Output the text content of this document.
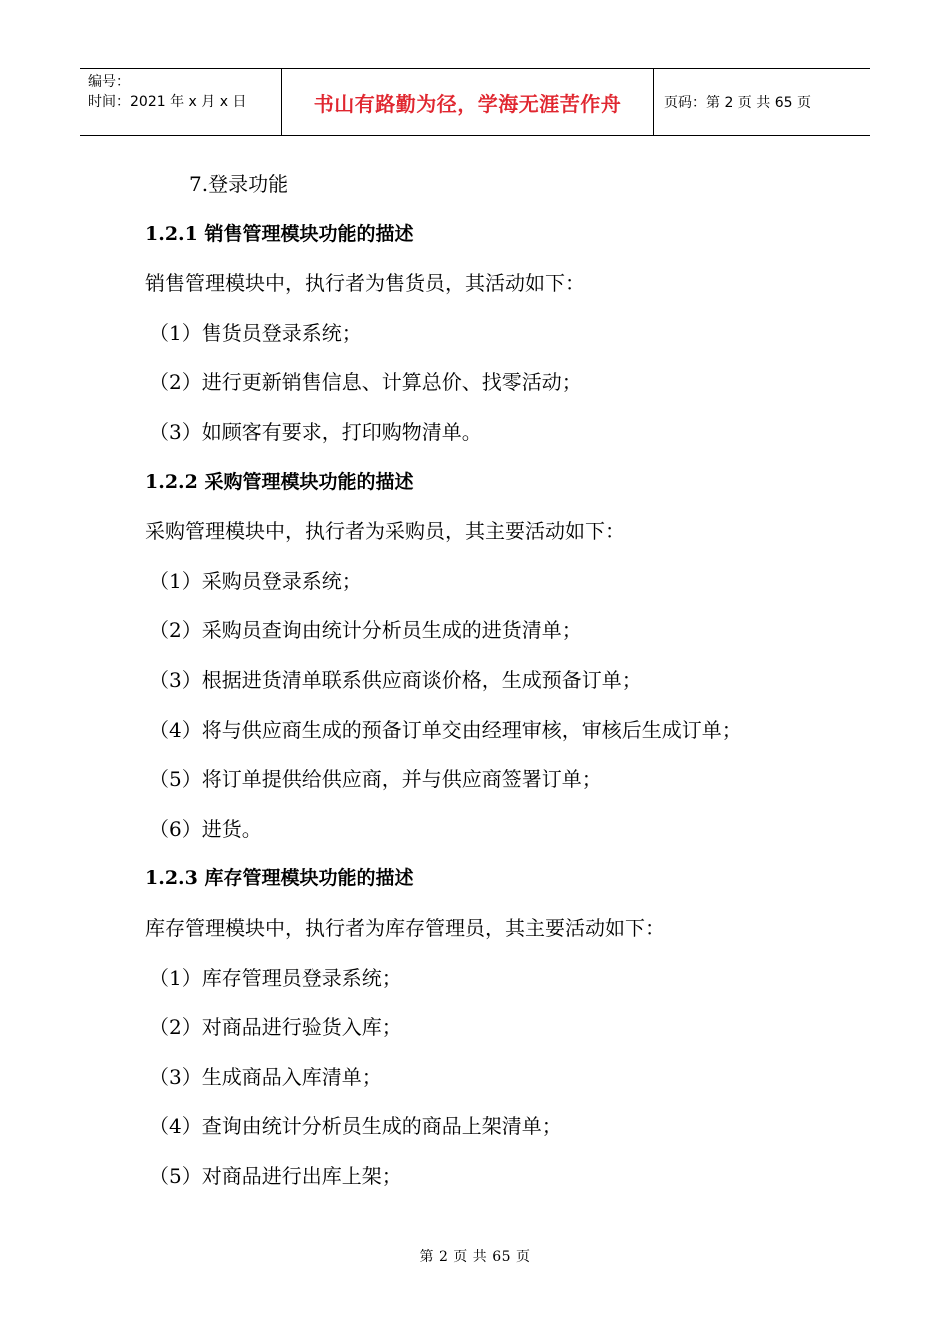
编号：
时间：2021 年 x 月 x 日	书山有路勤为径，学海无涯苦作舟	页码：第 2 页 共 65 页
7.登录功能
1.2.1 销售管理模块功能的描述
销售管理模块中，执行者为售货员，其活动如下：
（1）售货员登录系统；
（2）进行更新销售信息、计算总价、找零活动；
（3）如顾客有要求，打印购物清单。
1.2.2 采购管理模块功能的描述
采购管理模块中，执行者为采购员，其主要活动如下：
（1）采购员登录系统；
（2）采购员查询由统计分析员生成的进货清单；
（3）根据进货清单联系供应商谈价格，生成预备订单；
（4）将与供应商生成的预备订单交由经理审核，审核后生成订单；
（5）将订单提供给供应商，并与供应商签署订单；
（6）进货。
1.2.3 库存管理模块功能的描述
库存管理模块中，执行者为库存管理员，其主要活动如下：
（1）库存管理员登录系统；
（2）对商品进行验货入库；
（3）生成商品入库清单；
（4）查询由统计分析员生成的商品上架清单；
（5）对商品进行出库上架；
第 2 页 共 65 页
